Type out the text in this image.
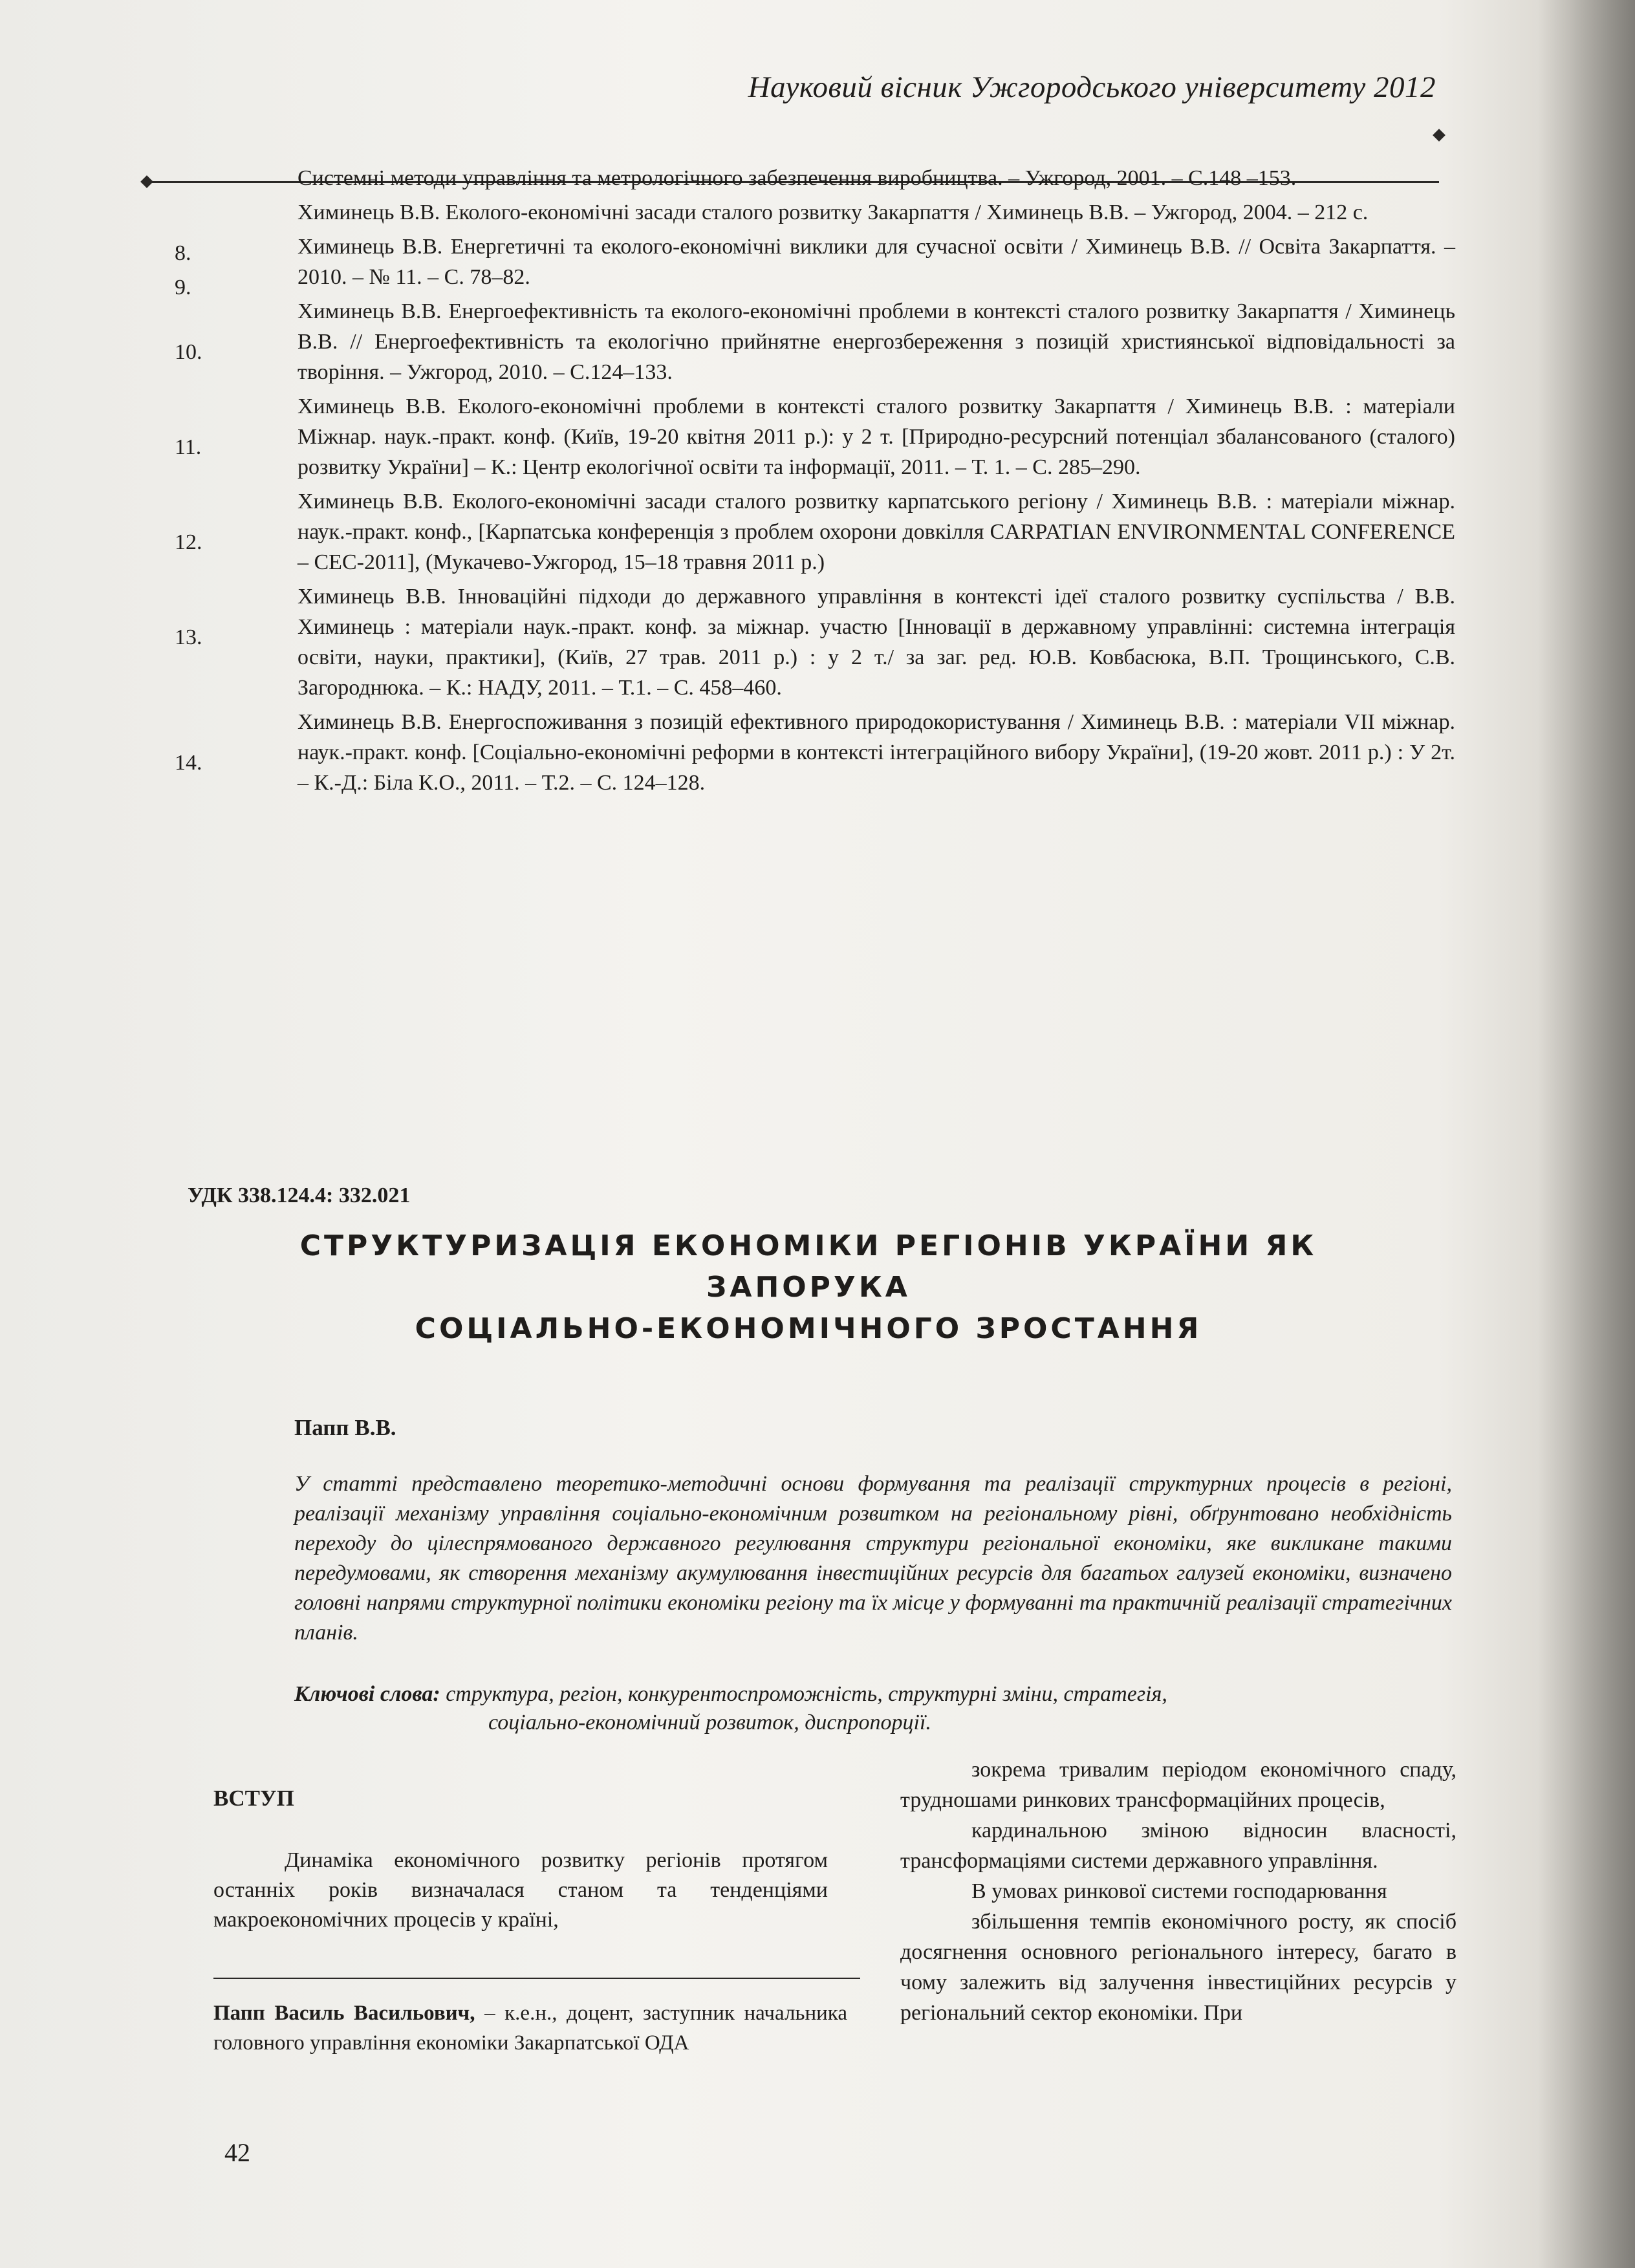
Науковий вісник Ужгородського університету 2012
Системні методи управління та метрологічного забезпечення виробництва. – Ужгород, 2001. – С.148 –153.
8.
Химинець В.В. Еколого-економічні засади сталого розвитку Закарпаття / Химинець В.В. – Ужгород, 2004. – 212 с.
9.
Химинець В.В. Енергетичні та еколого-економічні виклики для сучасної освіти / Химинець В.В. // Освіта Закарпаття. – 2010. – № 11. – С. 78–82.
10.
Химинець В.В. Енергоефективність та еколого-економічні проблеми в контексті сталого розвитку Закарпаття / Химинець В.В. // Енергоефективність та екологічно прийнятне енергозбереження з позицій християнської відповідальності за творіння. – Ужгород, 2010. – С.124–133.
11.
Химинець В.В. Еколого-економічні проблеми в контексті сталого розвитку Закарпаття / Химинець В.В. : матеріали Міжнар. наук.-практ. конф. (Київ, 19-20 квітня 2011 р.): у 2 т. [Природно-ресурсний потенціал збалансованого (сталого) розвитку України] – К.: Центр екологічної освіти та інформації, 2011. – Т. 1. – С. 285–290.
12.
Химинець В.В. Еколого-економічні засади сталого розвитку карпатського регіону / Химинець В.В. : матеріали міжнар. наук.-практ. конф., [Карпатська конференція з проблем охорони довкілля CARPATIAN ENVIRONMENTAL CONFERENCE – CEC-2011], (Мукачево-Ужгород, 15–18 травня 2011 р.)
13.
Химинець В.В. Інноваційні підходи до державного управління в контексті ідеї сталого розвитку суспільства / В.В. Химинець : матеріали наук.-практ. конф. за міжнар. участю [Інновації в державному управлінні: системна інтеграція освіти, науки, практики], (Київ, 27 трав. 2011 р.) : у 2 т./ за заг. ред. Ю.В. Ковбасюка, В.П. Трощинського, С.В. Загороднюка. – К.: НАДУ, 2011. – Т.1. – С. 458–460.
14.
Химинець В.В. Енергоспоживання з позицій ефективного природокористування / Химинець В.В. : матеріали VII міжнар. наук.-практ. конф. [Соціально-економічні реформи в контексті інтеграційного вибору України], (19-20 жовт. 2011 р.) : У 2т. – К.-Д.: Біла К.О., 2011. – Т.2. – С. 124–128.
УДК 338.124.4: 332.021
СТРУКТУРИЗАЦІЯ ЕКОНОМІКИ РЕГІОНІВ УКРАЇНИ ЯК ЗАПОРУКА
СОЦІАЛЬНО-ЕКОНОМІЧНОГО ЗРОСТАННЯ
Папп В.В.
У статті представлено теоретико-методичні основи формування та реалізації структурних процесів в регіоні, реалізації механізму управління соціально-економічним розвитком на регіональному рівні, обґрунтовано необхідність переходу до цілеспрямованого державного регулювання структури регіональної економіки, яке викликане такими передумовами, як створення механізму акумулювання інвестиційних ресурсів для багатьох галузей економіки, визначено головні напрями структурної політики економіки регіону та їх місце у формуванні та практичній реалізації стратегічних планів.
Ключові слова: структура, регіон, конкурентоспроможність, структурні зміни, стратегія,
соціально-економічний розвиток, диспропорції.
ВСТУП
Динаміка економічного розвитку регіонів протягом останніх років визначалася станом та тенденціями макроекономічних процесів у країні,
зокрема тривалим періодом економічного спаду, трудношами ринкових трансформаційних процесів,
кардинальною зміною відносин власності, трансформаціями системи державного управління.
В умовах ринкової системи господарювання
збільшення темпів економічного росту, як спосіб досягнення основного регіонального інтересу, багато в чому залежить від залучення інвестиційних ресурсів у регіональний сектор економіки. При
Папп Василь Васильович, – к.е.н., доцент, заступник начальника головного управління економіки Закарпатської ОДА
42
